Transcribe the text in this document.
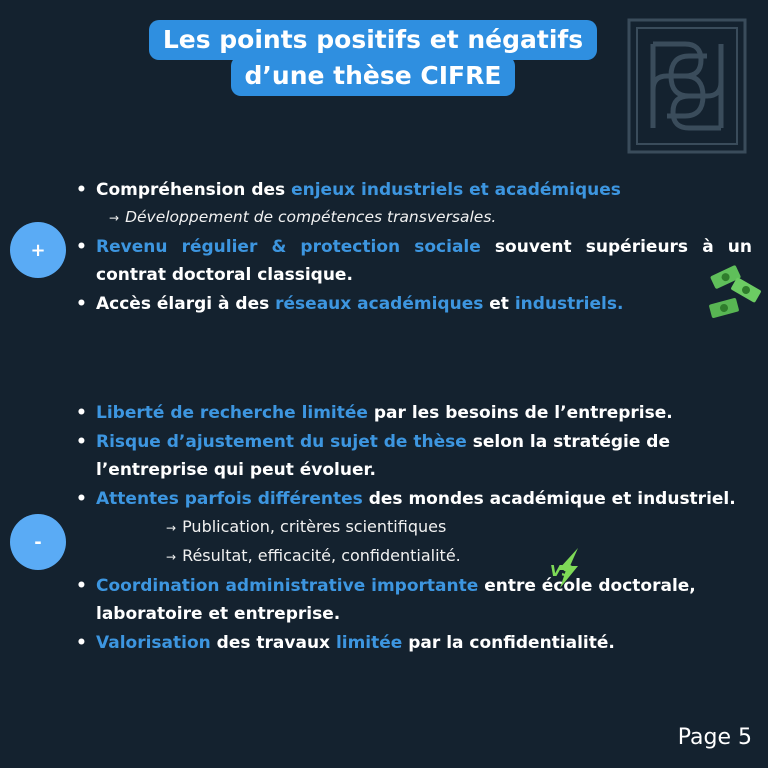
Les points positifs et négatifs
d’une thèse CIFRE
+
-
• Compréhension des enjeux industriels et académiques
→ Développement de compétences transversales.
• Revenu régulier & protection sociale souvent supérieurs à un contrat doctoral classique.
• Accès élargi à des réseaux académiques et industriels.
• Liberté de recherche limitée par les besoins de l’entreprise.
• Risque d’ajustement du sujet de thèse selon la stratégie de l’entreprise qui peut évoluer.
• Attentes parfois différentes des mondes académique et industriel.
→ Publication, critères scientifiques
→ Résultat, efficacité, confidentialité.
• Coordination administrative importante entre école doctorale, laboratoire et entreprise.
• Valorisation des travaux limitée par la confidentialité.
VS
Page 5
